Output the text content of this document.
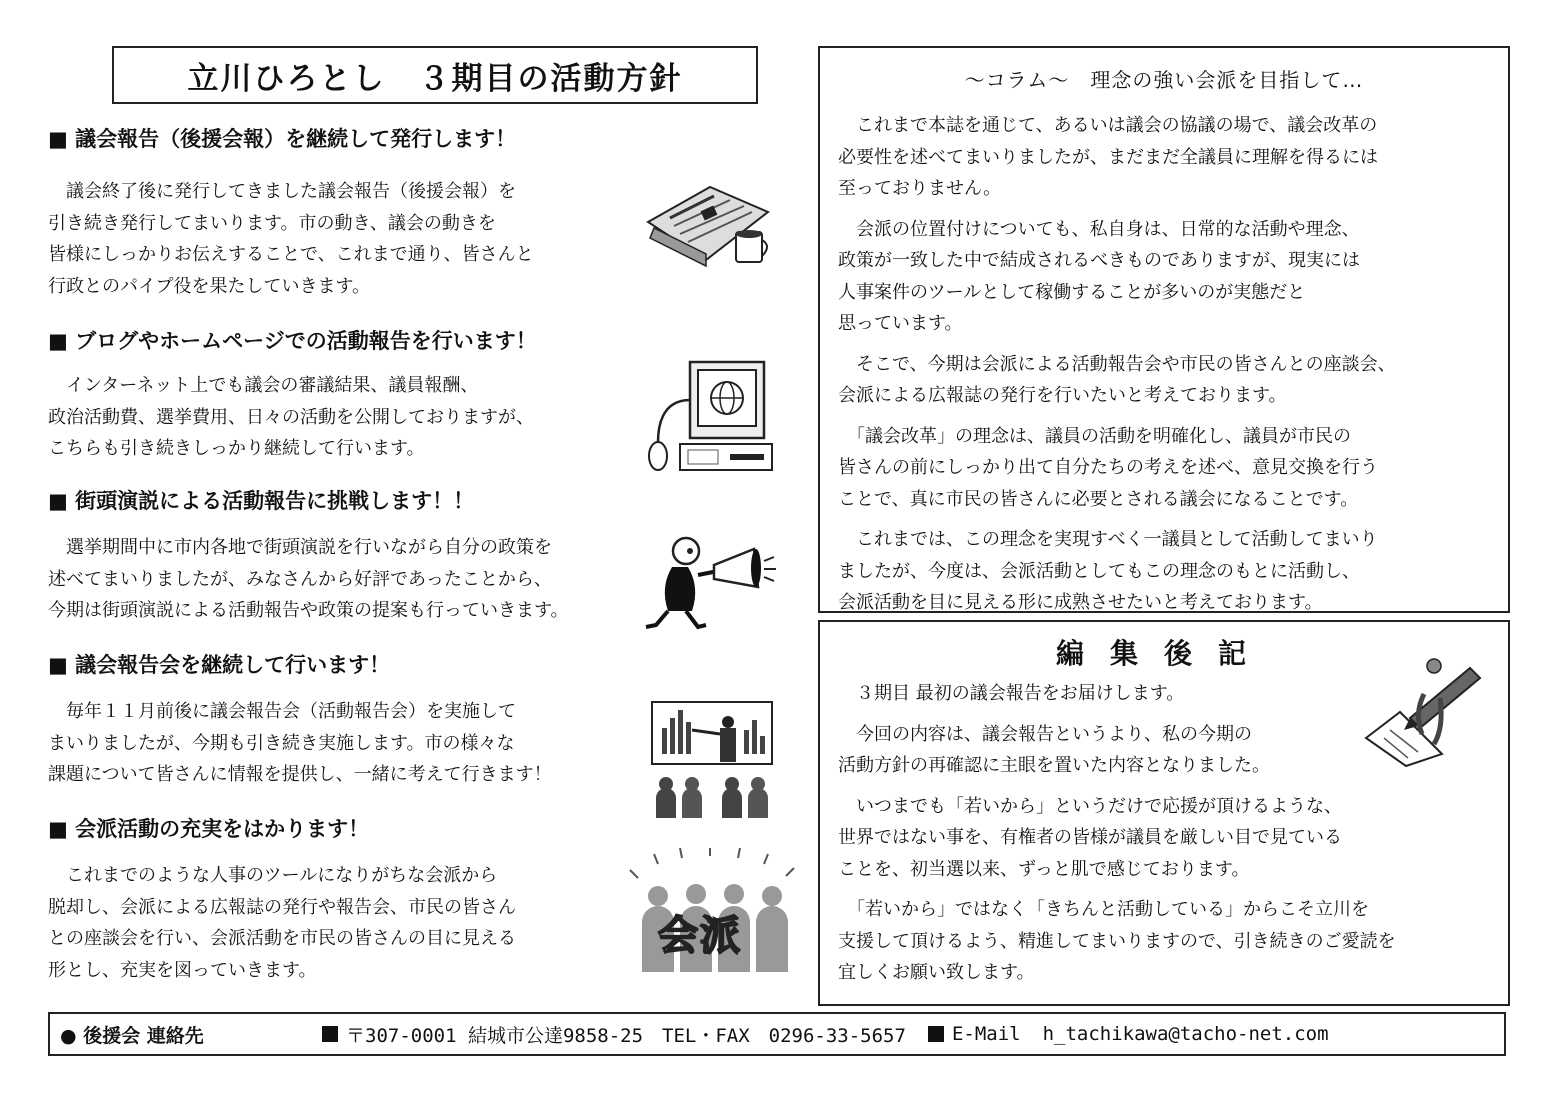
立川ひろとし　３期目の活動方針
■ 議会報告（後援会報）を継続して発行します！

　議会終了後に発行してきました議会報告（後援会報）を

引き続き発行してまいります。市の動き、議会の動きを

皆様にしっかりお伝えすることで、これまで通り、皆さんと

行政とのパイプ役を果たしていきます。

■ ブログやホームページでの活動報告を行います！

　インターネット上でも議会の審議結果、議員報酬、

政治活動費、選挙費用、日々の活動を公開しておりますが、

こちらも引き続きしっかり継続して行います。

■ 街頭演説による活動報告に挑戦します！！

　選挙期間中に市内各地で街頭演説を行いながら自分の政策を

述べてまいりましたが、みなさんから好評であったことから、

今期は街頭演説による活動報告や政策の提案も行っていきます。

■ 議会報告会を継続して行います！

　毎年１１月前後に議会報告会（活動報告会）を実施して

まいりましたが、今期も引き続き実施します。市の様々な

課題について皆さんに情報を提供し、一緒に考えて行きます！

■ 会派活動の充実をはかります！

　これまでのような人事のツールになりがちな会派から

脱却し、会派による広報誌の発行や報告会、市民の皆さん

との座談会を行い、会派活動を市民の皆さんの目に見える

形とし、充実を図っていきます。

会派
～コラム～　理念の強い会派を目指して…

　これまで本誌を通じて、あるいは議会の協議の場で、議会改革の
必要性を述べてまいりましたが、まだまだ全議員に理解を得るには
至っておりません。

　会派の位置付けについても、私自身は、日常的な活動や理念、
政策が一致した中で結成されるべきものでありますが、現実には
人事案件のツールとして稼働することが多いのが実態だと
思っています。

　そこで、今期は会派による活動報告会や市民の皆さんとの座談会、
会派による広報誌の発行を行いたいと考えております。

　「議会改革」の理念は、議員の活動を明確化し、議員が市民の
皆さんの前にしっかり出て自分たちの考えを述べ、意見交換を行う
ことで、真に市民の皆さんに必要とされる議会になることです。

　これまでは、この理念を実現すべく一議員として活動してまいり
ましたが、今度は、会派活動としてもこの理念のもとに活動し、
会派活動を目に見える形に成熟させたいと考えております。

編集後記

　３期目 最初の議会報告をお届けします。

　今回の内容は、議会報告というより、私の今期の
活動方針の再確認に主眼を置いた内容となりました。

　いつまでも「若いから」というだけで応援が頂けるような、
世界ではない事を、有権者の皆様が議員を厳しい目で見ている
ことを、初当選以来、ずっと肌で感じております。

　「若いから」ではなく「きちんと活動している」からこそ立川を
支援して頂けるよう、精進してまいりますので、引き続きのご愛読を
宜しくお願い致します。

● 後援会 連絡先	〒307-0001 結城市公達9858-25　TEL・FAX　0296-33-5657 E-Mail h_tachikawa@tacho-net.com
